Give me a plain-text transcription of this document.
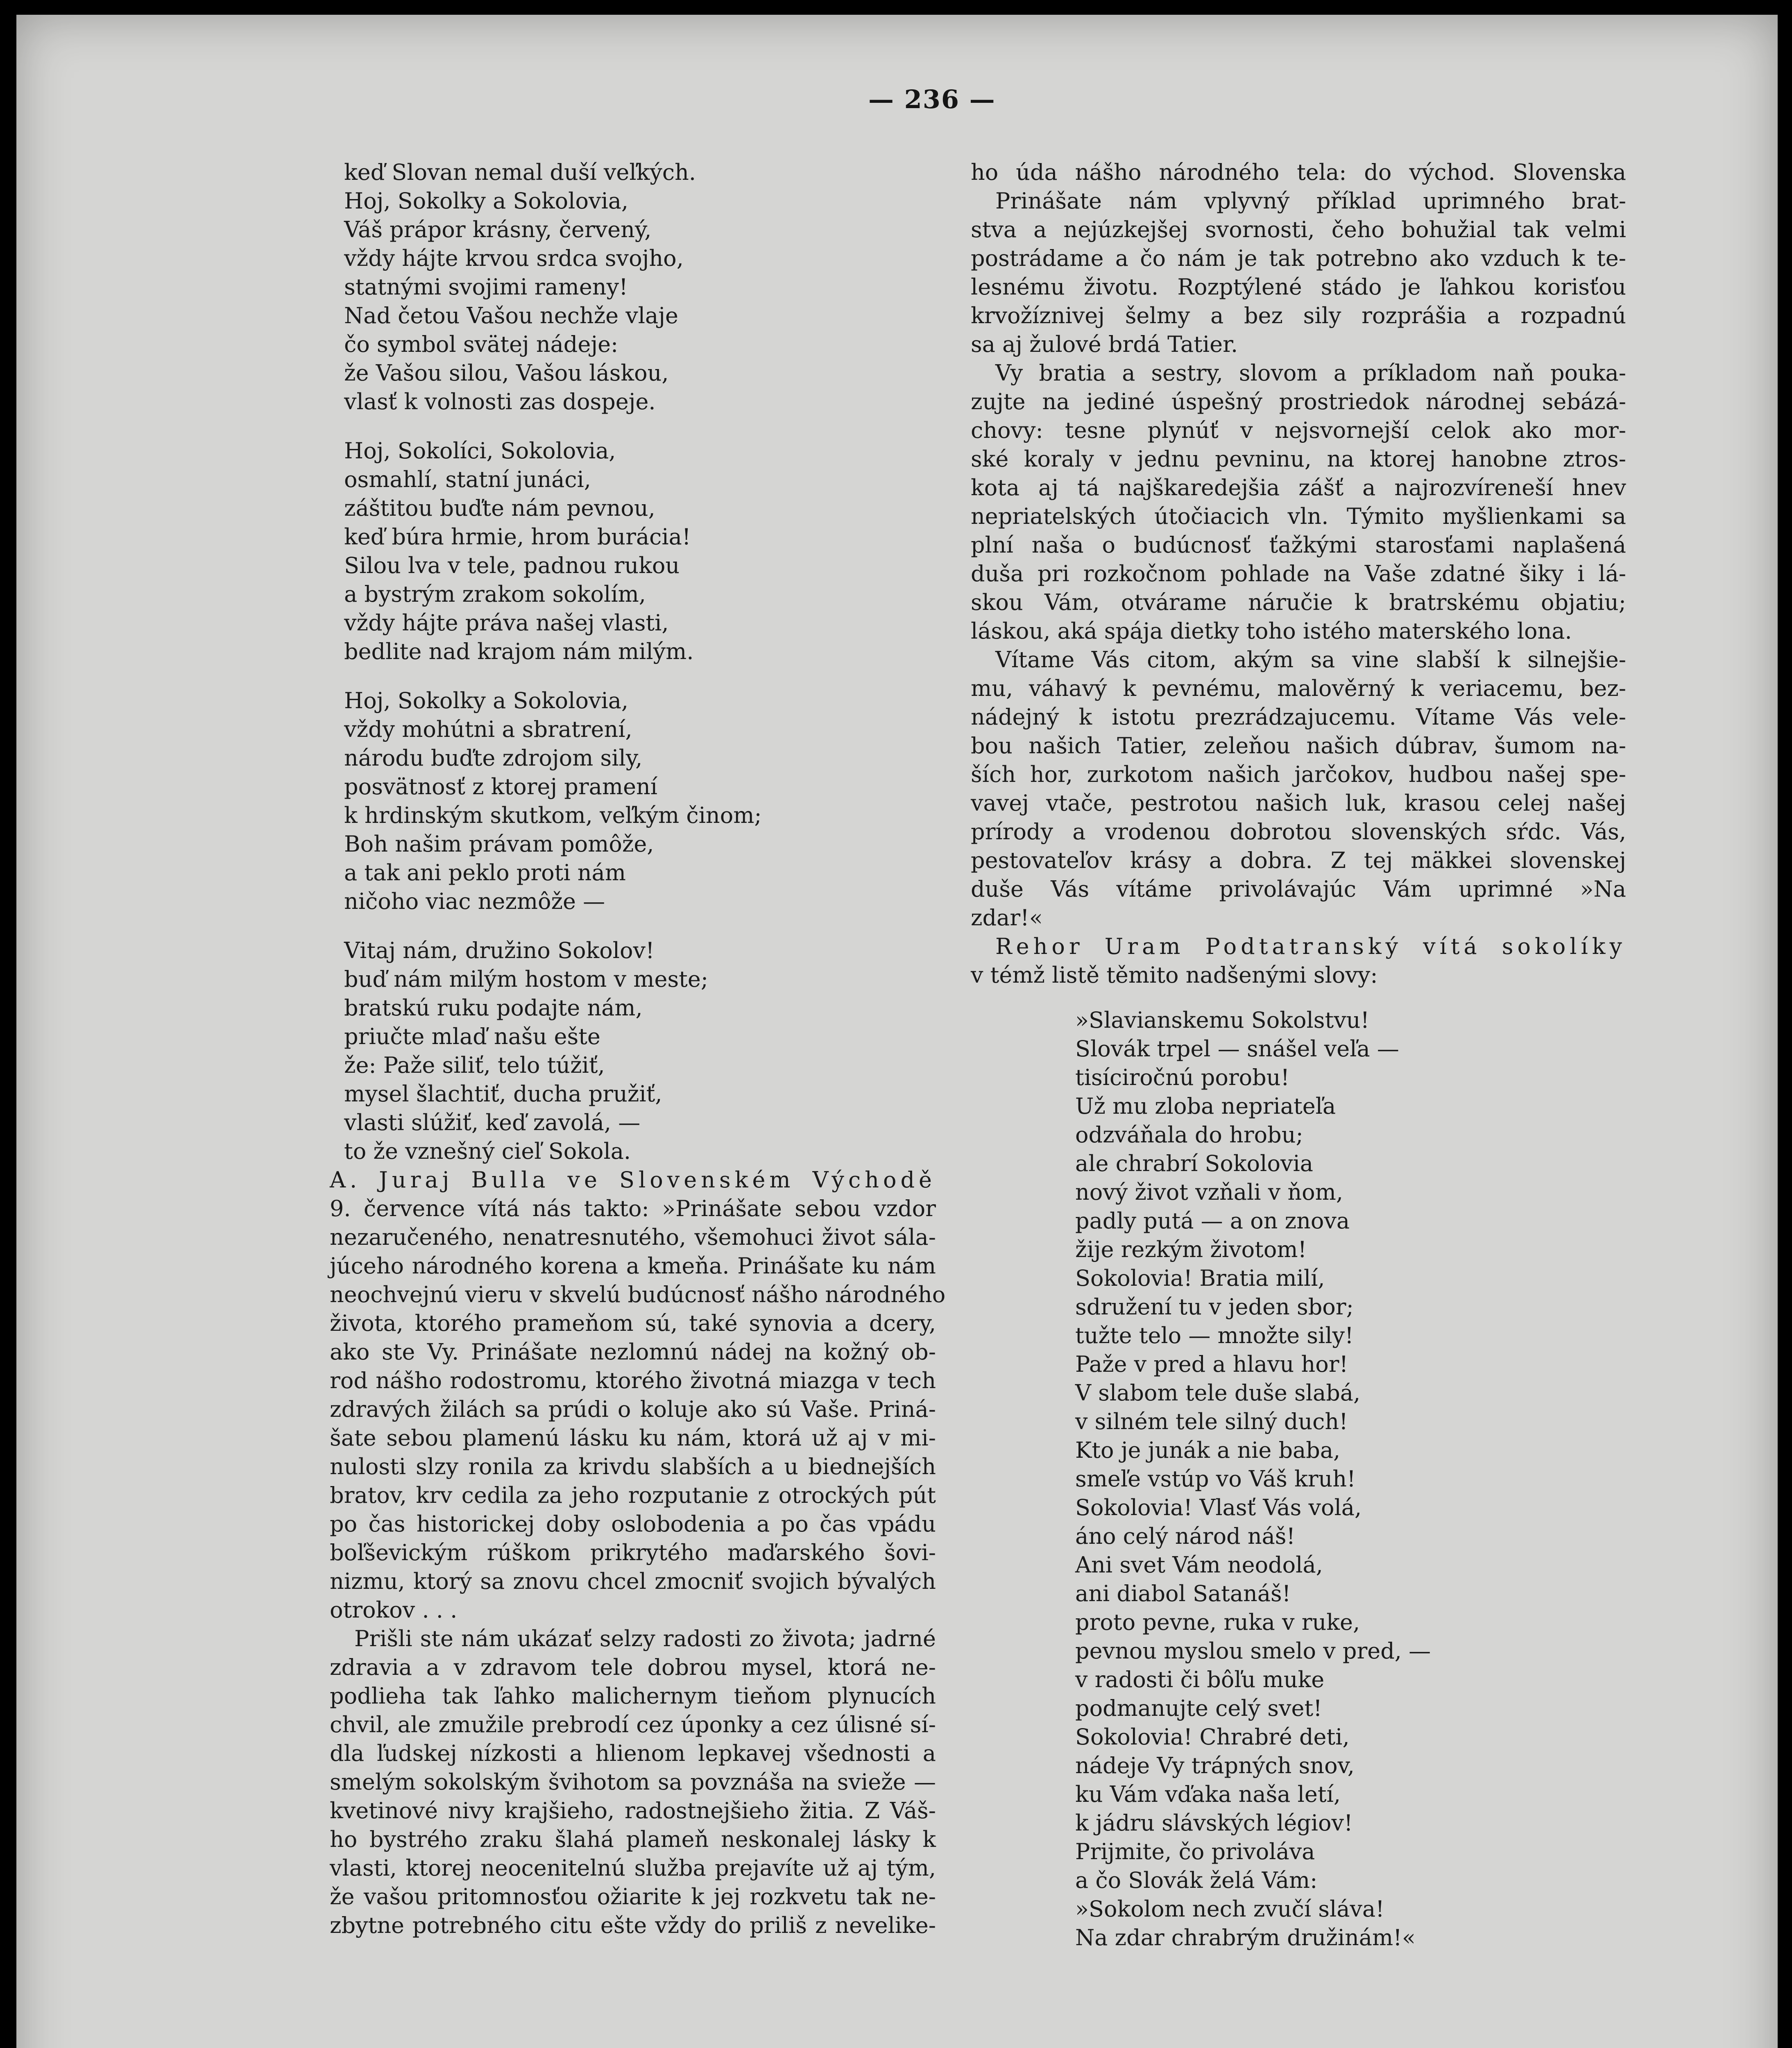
— 236 —
keď Slovan nemal duší veľkých.
Hoj, Sokolky a Sokolovia,
Váš prápor krásny, červený,
vždy hájte krvou srdca svojho,
statnými svojimi rameny!
Nad četou Vašou nechže vlaje
čo symbol svätej nádeje:
že Vašou silou, Vašou láskou,
vlasť k volnosti zas dospeje.
Hoj, Sokolíci, Sokolovia,
osmahlí, statní junáci,
záštitou buďte nám pevnou,
keď búra hrmie, hrom burácia!
Silou lva v tele, padnou rukou
a bystrým zrakom sokolím,
vždy hájte práva našej vlasti,
bedlite nad krajom nám milým.
Hoj, Sokolky a Sokolovia,
vždy mohútni a sbratrení,
národu buďte zdrojom sily,
posvätnosť z ktorej pramení
k hrdinským skutkom, veľkým činom;
Boh našim právam pomôže,
a tak ani peklo proti nám
ničoho viac nezmôže —
Vitaj nám, družino Sokolov!
buď nám milým hostom v meste;
bratskú ruku podajte nám,
priučte mlaď našu ešte
že: Paže siliť, telo túžiť,
mysel šlachtiť, ducha pružiť,
vlasti slúžiť, keď zavolá, —
to že vznešný cieľ Sokola.
A. Juraj Bulla ve Slovenském Východě
9. července vítá nás takto: »Prinášate sebou vzdor
nezaručeného, nenatresnutého, všemohuci život sála-
júceho národného korena a kmeňa. Prinášate ku nám
neochvejnú vieru v skvelú budúcnosť nášho národného
života, ktorého prameňom sú, také synovia a dcery,
ako ste Vy. Prinášate nezlomnú nádej na kožný ob-
rod nášho rodostromu, ktorého životná miazga v tech
zdravých žilách sa prúdi o koluje ako sú Vaše. Priná-
šate sebou plamenú lásku ku nám, ktorá už aj v mi-
nulosti slzy ronila za krivdu slabších a u biednejších
bratov, krv cedila za jeho rozputanie z otrockých pút
po čas historickej doby oslobodenia a po čas vpádu
boľševickým rúškom prikrytého maďarského šovi-
nizmu, ktorý sa znovu chcel zmocniť svojich bývalých
otrokov . . .
Prišli ste nám ukázať selzy radosti zo života; jadrné
zdravia a v zdravom tele dobrou mysel, ktorá ne-
podlieha tak ľahko malichernym tieňom plynucích
chvil, ale zmužile prebrodí cez úponky a cez úlisné sí-
dla ľudskej nízkosti a hlienom lepkavej všednosti a
smelým sokolským švihotom sa povznáša na svieže —
kvetinové nivy krajšieho, radostnejšieho žitia. Z Váš-
ho bystrého zraku šlahá plameň neskonalej lásky k
vlasti, ktorej neocenitelnú služba prejavíte už aj tým,
že vašou pritomnosťou ožiarite k jej rozkvetu tak ne-
zbytne potrebného citu ešte vždy do priliš z nevelike-
ho úda nášho národného tela: do východ. Slovenska
Prinášate nám vplyvný příklad uprimného brat-
stva a nejúzkejšej svornosti, čeho bohužial tak velmi
postrádame a čo nám je tak potrebno ako vzduch k te-
lesnému životu. Rozptýlené stádo je ľahkou korisťou
krvožíznivej šelmy a bez sily rozprášia a rozpadnú
sa aj žulové brdá Tatier.
Vy bratia a sestry, slovom a príkladom naň pouka-
zujte na jediné úspešný prostriedok národnej sebázá-
chovy: tesne plynúť v nejsvornejší celok ako mor-
ské koraly v jednu pevninu, na ktorej hanobne ztros-
kota aj tá najškaredejšia zášť a najrozvíreneší hnev
nepriatelských útočiacich vln. Týmito myšlienkami sa
plní naša o budúcnosť ťažkými starosťami naplašená
duša pri rozkočnom pohlade na Vaše zdatné šiky i lá-
skou Vám, otvárame náručie k bratrskému objatiu;
láskou, aká spája dietky toho istého materského lona.
Vítame Vás citom, akým sa vine slabší k silnejšie-
mu, váhavý k pevnému, malověrný k veriacemu, bez-
nádejný k istotu prezrádzajucemu. Vítame Vás vele-
bou našich Tatier, zeleňou našich dúbrav, šumom na-
ších hor, zurkotom našich jarčokov, hudbou našej spe-
vavej vtače, pestrotou našich luk, krasou celej našej
prírody a vrodenou dobrotou slovenských sŕdc. Vás,
pestovateľov krásy a dobra. Z tej mäkkei slovenskej
duše Vás vítáme privolávajúc Vám uprimné »Na
zdar!«
Rehor Uram Podtatranský vítá sokolíky
v témž listě těmito nadšenými slovy:
»Slavianskemu Sokolstvu!
Slovák trpel — snášel veľa —
tisíciročnú porobu!
Už mu zloba nepriateľa
odzváňala do hrobu;
ale chrabrí Sokolovia
nový život vzňali v ňom,
padly putá — a on znova
žije rezkým životom!
Sokolovia! Bratia milí,
sdružení tu v jeden sbor;
tužte telo — množte sily!
Paže v pred a hlavu hor!
V slabom tele duše slabá,
v silném tele silný duch!
Kto je junák a nie baba,
smeľe vstúp vo Váš kruh!
Sokolovia! Vlasť Vás volá,
áno celý národ náš!
Ani svet Vám neodolá,
ani diabol Satanáš!
proto pevne, ruka v ruke,
pevnou myslou smelo v pred, —
v radosti či bôľu muke
podmanujte celý svet!
Sokolovia! Chrabré deti,
nádeje Vy trápných snov,
ku Vám vďaka naša letí,
k jádru slávských légiov!
Prijmite, čo privoláva
a čo Slovák želá Vám:
»Sokolom nech zvučí sláva!
Na zdar chrabrým družinám!«
